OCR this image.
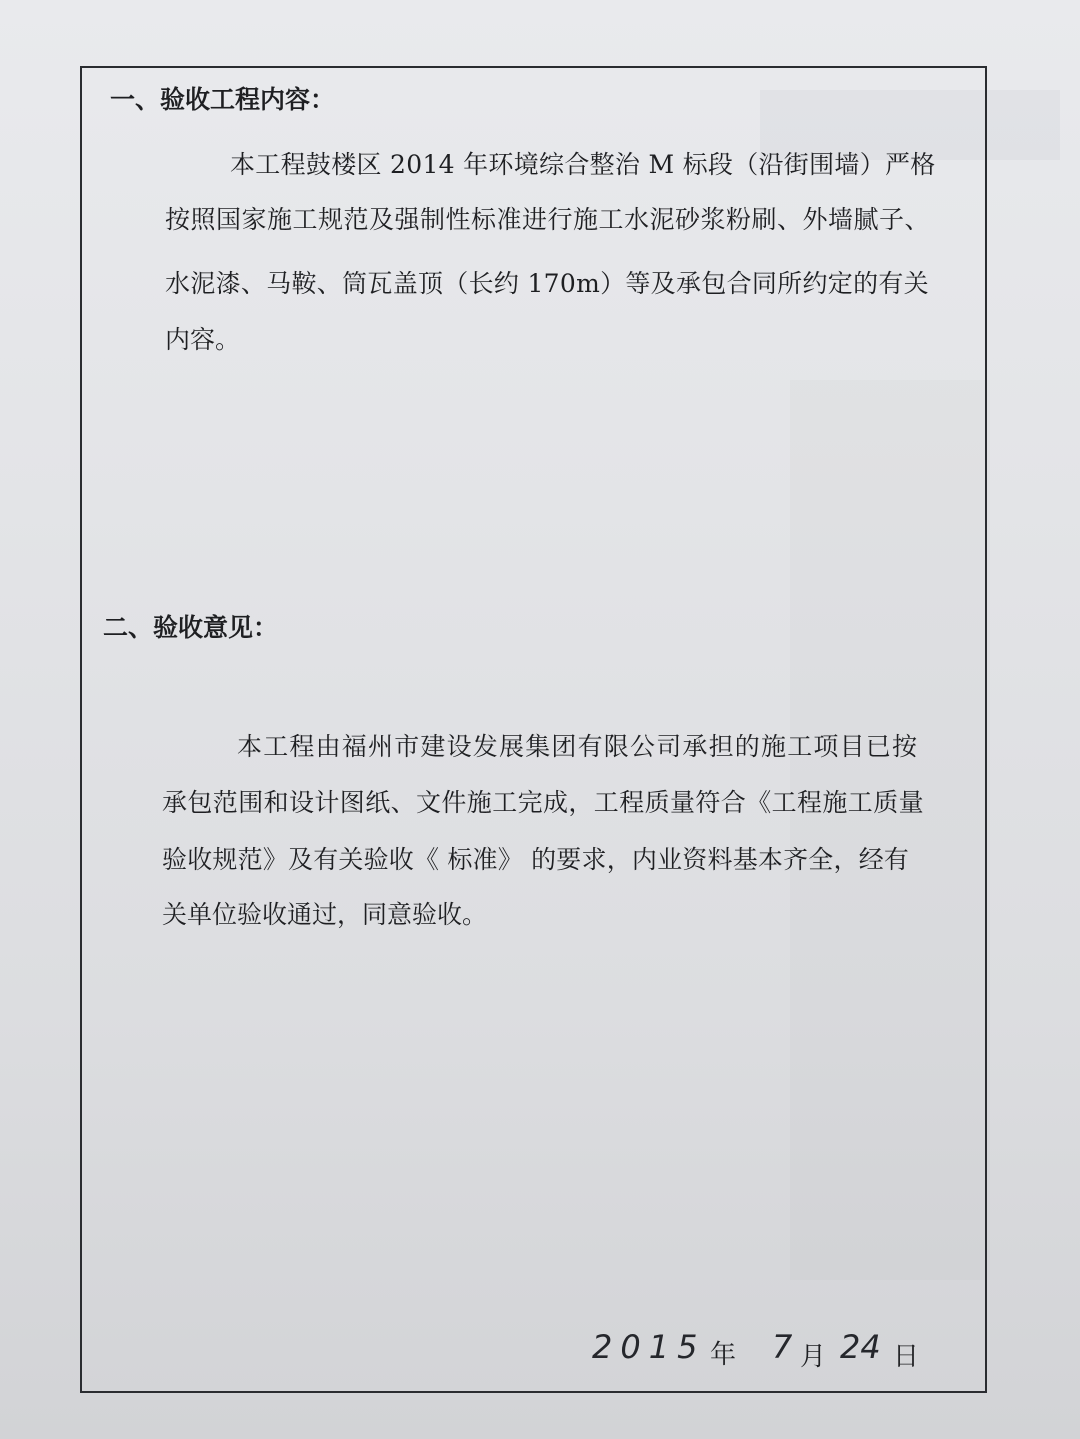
一、验收工程内容：
本工程鼓楼区 2014 年环境综合整治 M 标段（沿街围墙）严格
按照国家施工规范及强制性标准进行施工水泥砂浆粉刷、外墙腻子、
水泥漆、马鞍、筒瓦盖顶（长约 170m）等及承包合同所约定的有关
内容。
二、验收意见：
本工程由福州市建设发展集团有限公司承担的施工项目已按
承包范围和设计图纸、文件施工完成，工程质量符合《工程施工质量
验收规范》及有关验收《 标准》 的要求，内业资料基本齐全，经有
关单位验收通过，同意验收。
2015 年 7 月 24 日
